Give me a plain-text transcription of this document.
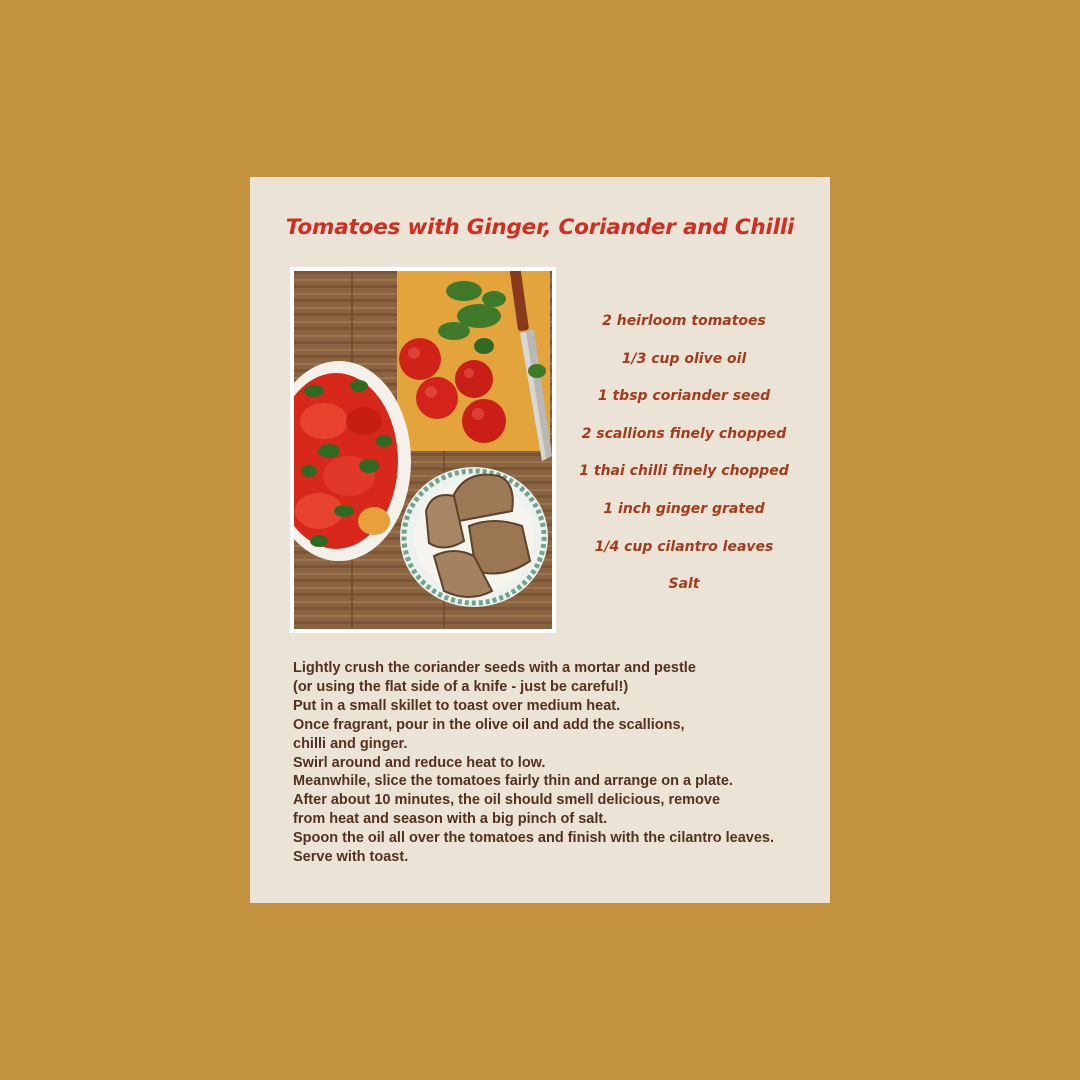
Tomatoes with Ginger, Coriander and Chilli
2 heirloom tomatoes
1/3 cup olive oil
1 tbsp coriander seed
2 scallions finely chopped
1 thai chilli finely chopped
1 inch ginger grated
1/4 cup cilantro leaves
Salt
Lightly crush the coriander seeds with a mortar and pestle
(or using the flat side of a knife - just be careful!)
Put in a small skillet to toast over medium heat.
Once fragrant, pour in the olive oil and add the scallions,
chilli and ginger.
Swirl around and reduce heat to low.
Meanwhile, slice the tomatoes fairly thin and arrange on a plate.
After about 10 minutes, the oil should smell delicious, remove
from heat and season with a big pinch of salt.
Spoon the oil all over the tomatoes and finish with the cilantro leaves.
Serve with toast.
